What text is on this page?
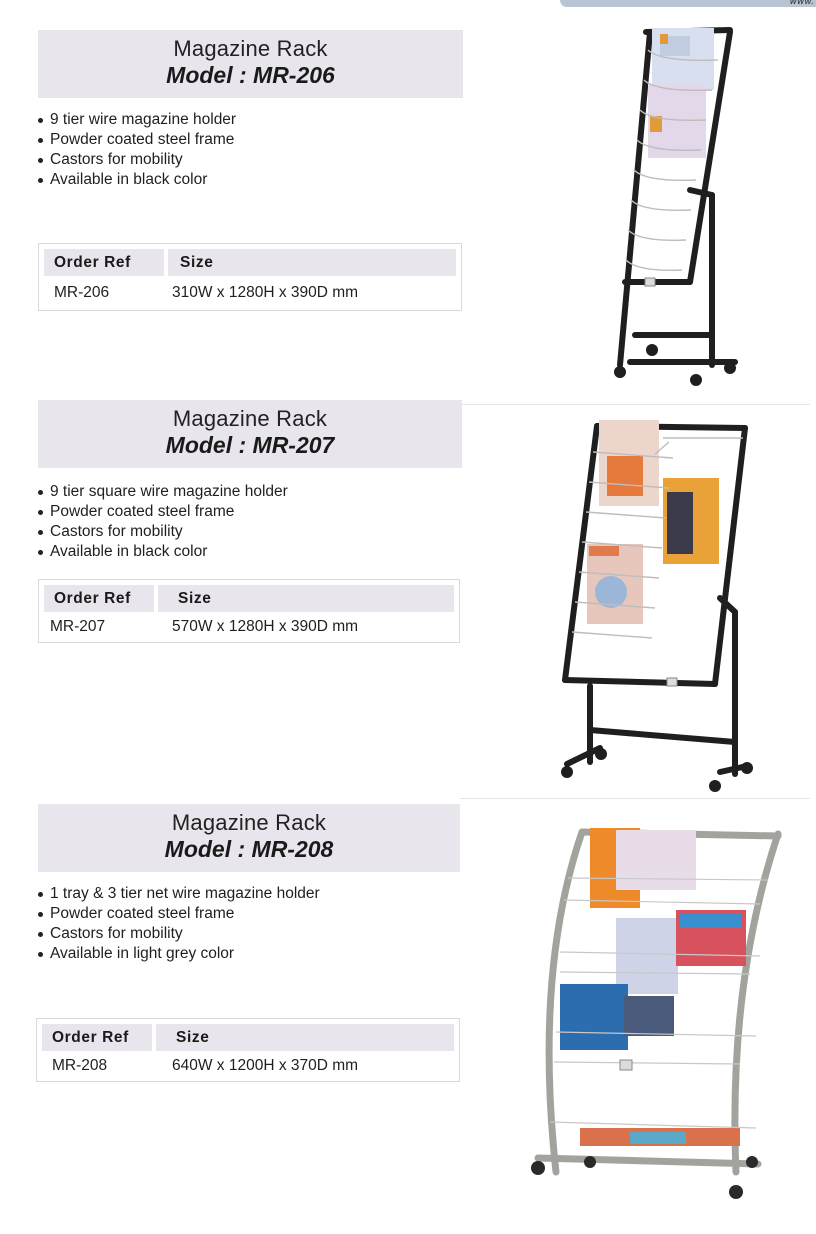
www.
Magazine Rack
Model : MR-206
9 tier wire magazine holder
Powder coated steel frame
Castors for mobility
Available in black color
Order Ref	Size
MR-206	310W x 1280H x 390D mm
Magazine Rack
Model : MR-207
9 tier square wire magazine holder
Powder coated steel frame
Castors for mobility
Available in black color
Order Ref	Size
MR-207	570W x 1280H x 390D mm
Magazine Rack
Model : MR-208
1 tray & 3 tier net wire magazine holder
Powder coated steel frame
Castors for mobility
Available in light grey color
Order Ref	Size
MR-208	640W x 1200H x 370D mm
